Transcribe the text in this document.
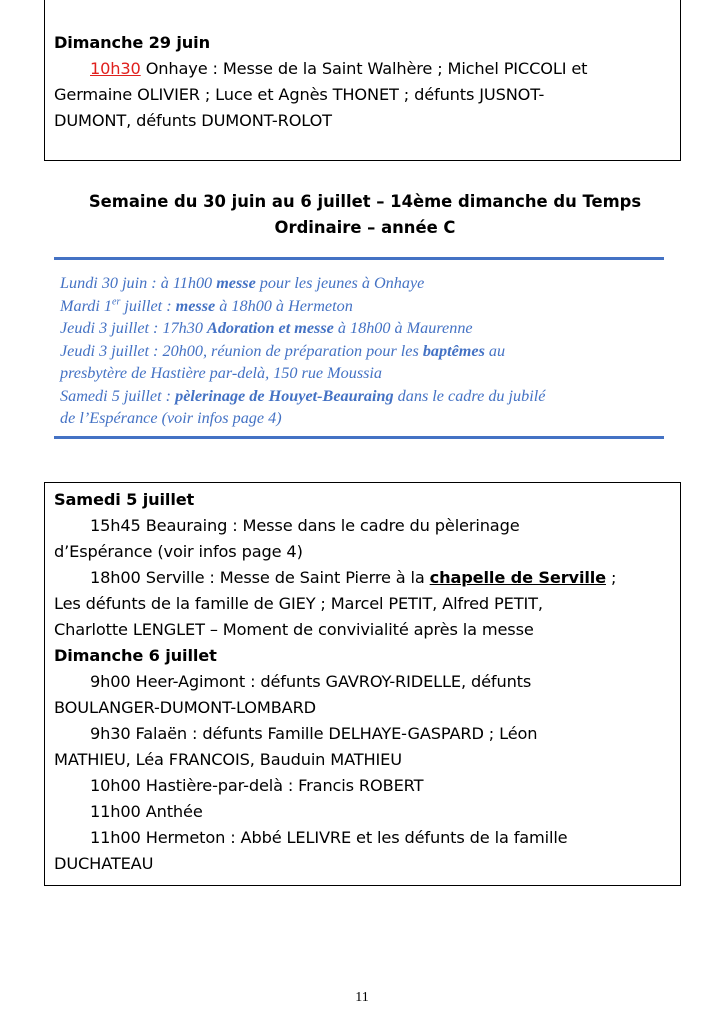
Dimanche 29 juin
10h30 Onhaye : Messe de la Saint Walhère ; Michel PICCOLI et
Germaine OLIVIER ; Luce et Agnès THONET ; défunts JUSNOT-
DUMONT, défunts DUMONT-ROLOT
Semaine du 30 juin au 6 juillet – 14ème dimanche du Temps
Ordinaire – année C
Lundi 30 juin : à 11h00 messe pour les jeunes à Onhaye
Mardi 1er juillet : messe à 18h00 à Hermeton
Jeudi 3 juillet : 17h30 Adoration et messe à 18h00 à Maurenne
Jeudi 3 juillet : 20h00, réunion de préparation pour les baptêmes au
presbytère de Hastière par-delà, 150 rue Moussia
Samedi 5 juillet : pèlerinage de Houyet-Beauraing dans le cadre du jubilé
de l’Espérance (voir infos page 4)
Samedi 5 juillet
15h45 Beauraing : Messe dans le cadre du pèlerinage
d’Espérance (voir infos page 4)
18h00 Serville : Messe de Saint Pierre à la chapelle de Serville ;
Les défunts de la famille de GIEY ; Marcel PETIT, Alfred PETIT,
Charlotte LENGLET – Moment de convivialité après la messe
Dimanche 6 juillet
9h00 Heer-Agimont : défunts GAVROY-RIDELLE, défunts
BOULANGER-DUMONT-LOMBARD
9h30 Falaën : défunts Famille DELHAYE-GASPARD ; Léon
MATHIEU, Léa FRANCOIS, Bauduin MATHIEU
10h00 Hastière-par-delà : Francis ROBERT
11h00 Anthée
11h00 Hermeton : Abbé LELIVRE et les défunts de la famille
DUCHATEAU
11
